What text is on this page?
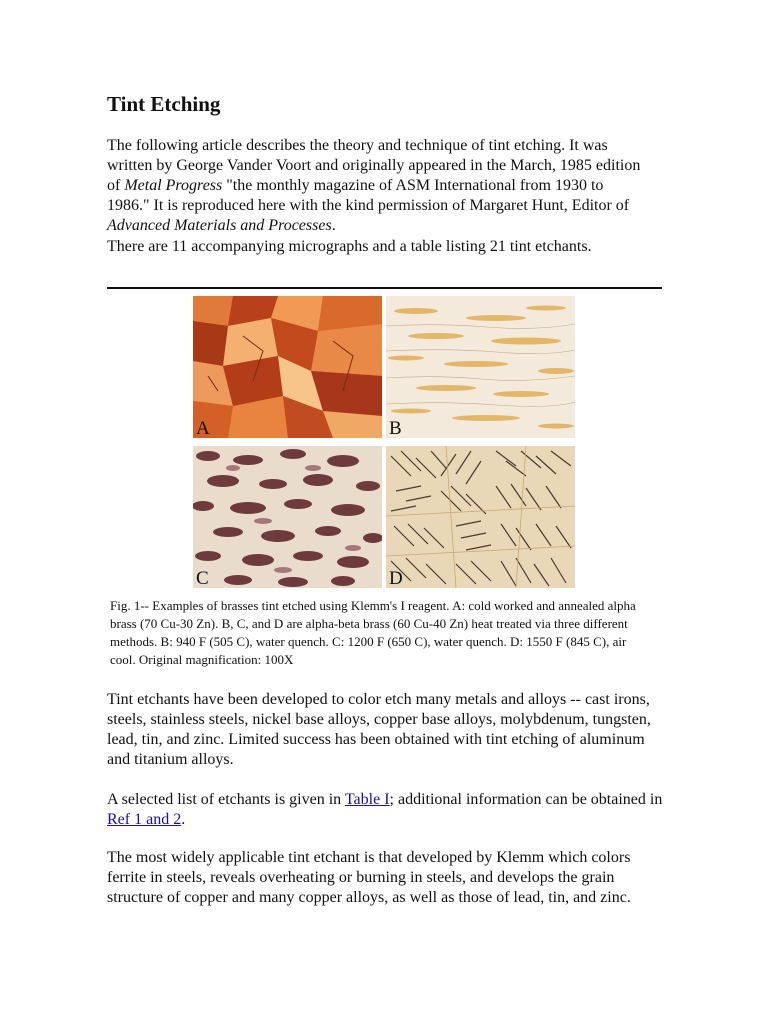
Tint Etching

The following article describes the theory and technique of tint etching. It was written by George Vander Voort and originally appeared in the March, 1985 edition of Metal Progress "the monthly magazine of ASM International from 1930 to 1986." It is reproduced here with the kind permission of Margaret Hunt, Editor of Advanced Materials and Processes.

There are 11 accompanying micrographs and a table listing 21 tint etchants.

A	B
C	D

Fig. 1-- Examples of brasses tint etched using Klemm's I reagent. A: cold worked and annealed alpha brass (70 Cu-30 Zn). B, C, and D are alpha-beta brass (60 Cu-40 Zn) heat treated via three different methods. B: 940 F (505 C), water quench. C: 1200 F (650 C), water quench. D: 1550 F (845 C), air cool. Original magnification: 100X

Tint etchants have been developed to color etch many metals and alloys -- cast irons, steels, stainless steels, nickel base alloys, copper base alloys, molybdenum, tungsten, lead, tin, and zinc. Limited success has been obtained with tint etching of aluminum and titanium alloys.

A selected list of etchants is given in Table I; additional information can be obtained in Ref 1 and 2.

The most widely applicable tint etchant is that developed by Klemm which colors ferrite in steels, reveals overheating or burning in steels, and develops the grain structure of copper and many copper alloys, as well as those of lead, tin, and zinc.
